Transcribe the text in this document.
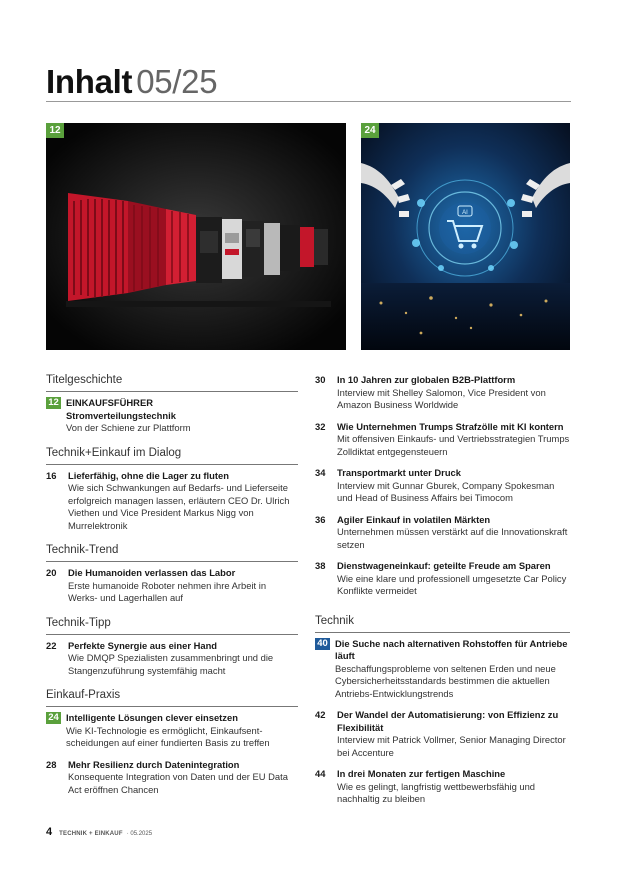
Inhalt 05/25
12
AI
24
Titelgeschichte
12 EINKAUFSFÜHRER
Stromverteilungstechnik
Von der Schiene zur Plattform
Technik+Einkauf im Dialog
16	Lieferfähig, ohne die Lager zu fluten
Wie sich Schwankungen auf Bedarfs- und Lieferseite erfolgreich managen lassen, erläutern CEO Dr. Ulrich Viethen und Vice President Markus Nigg von Murrelektronik
Technik-Trend
20	Die Humanoiden verlassen das Labor
Erste humanoide Roboter nehmen ihre Arbeit in Werks- und Lagerhallen auf
Technik-Tipp
22	Perfekte Synergie aus einer Hand
Wie DMQP Spezialisten zusammenbringt und die Stangenzuführung systemfähig macht
Einkauf-Praxis
24 Intelligente Lösungen clever einsetzen
Wie KI-Technologie es ermöglicht, Einkaufsentscheidungen auf einer fundierten Basis zu treffen
28	Mehr Resilienz durch Datenintegration
Konsequente Integration von Daten und der EU Data Act eröffnen Chancen
30	In 10 Jahren zur globalen B2B-Plattform
Interview mit Shelley Salomon, Vice President von Amazon Business Worldwide
32	Wie Unternehmen Trumps Strafzölle mit KI kontern
Mit offensiven Einkaufs- und Vertriebsstrategien Trumps Zolldiktat entgegensteuern
34	Transportmarkt unter Druck
Interview mit Gunnar Gburek, Company Spokesman und Head of Business Affairs bei Timocom
36	Agiler Einkauf in volatilen Märkten
Unternehmen müssen verstärkt auf die Innovationskraft setzen
38	Dienstwageneinkauf: geteilte Freude am Sparen
Wie eine klare und professionell umgesetzte Car Policy Konflikte vermeidet
Technik
40 Die Suche nach alternativen Rohstoffen für Antriebe läuft
Beschaffungsprobleme von seltenen Erden und neue Cybersicherheitsstandards bestimmen die aktuellen Antriebs-Entwicklungstrends
42	Der Wandel der Automatisierung: von Effizienz zu Flexibilität
Interview mit Patrick Vollmer, Senior Managing Director bei Accenture
44	In drei Monaten zur fertigen Maschine
Wie es gelingt, langfristig wettbewerbsfähig und nachhaltig zu bleiben
4 TECHNIK + EINKAUF · 05.2025
